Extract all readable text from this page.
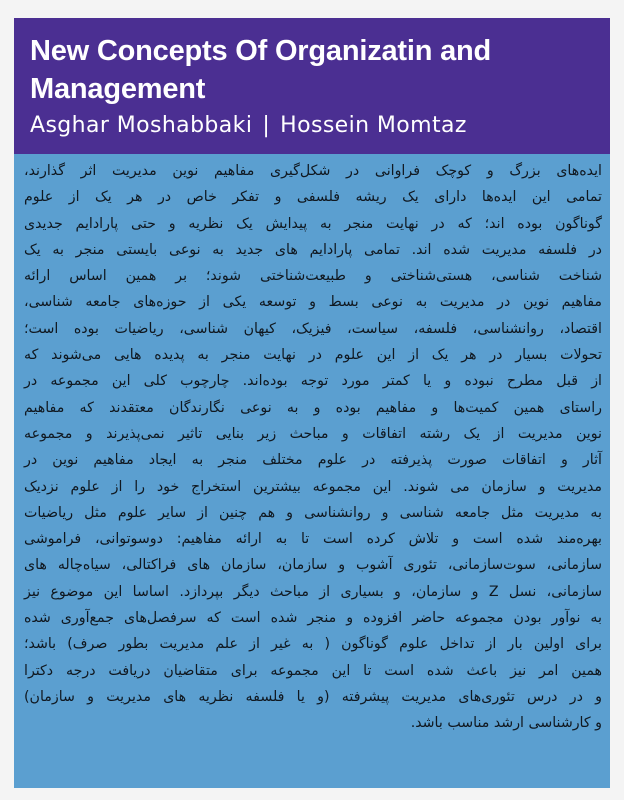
New Concepts Of Organizatin and Management
Asghar Moshabbaki | Hossein Momtaz
ایده‌های بزرگ و کوچک فراوانی در شکل‌گیری مفاهیم نوین مدیریت اثر گذارند،
تمامی این ایده‌ها دارای یک ریشه فلسفی و تفکر خاص در هر یک از علوم
گوناگون بوده اند؛ که در نهایت منجر به پیدایش یک نظریه و حتی پارادایم جدیدی
در فلسفه مدیریت شده اند. تمامی پارادایم های جدید به نوعی بایستی منجر به یک
شناخت شناسی، هستی‌شناختی و طبیعت‌شناختی شوند؛ بر همین اساس ارائه
مفاهیم نوین در مدیریت به نوعی بسط و توسعه یکی از حوزه‌های جامعه شناسی،
اقتصاد، روانشناسی، فلسفه، سیاست، فیزیک، کیهان شناسی، ریاضیات بوده است؛
تحولات بسیار در هر یک از این علوم در نهایت منجر به پدیده هایی می‌شوند که
از قبل مطرح نبوده و یا کمتر مورد توجه بوده‌اند. چارچوب کلی این مجموعه در
راستای همین کمیت‌ها و مفاهیم بوده و به نوعی نگارندگان معتقدند که مفاهیم
نوین مدیریت از یک رشته اتفاقات و مباحث زیر بنایی تاثیر نمی‌پذیرند و مجموعه
آثار و اتفاقات صورت پذیرفته در علوم مختلف منجر به ایجاد مفاهیم نوین در
مدیریت و سازمان می‌ شوند. این مجموعه بیشترین استخراج خود را از علوم نزدیک
به مدیریت مثل جامعه شناسی و روانشناسی و هم چنین از سایر علوم مثل ریاضیات
بهره‌مند شده است و تلاش کرده است تا به ارائه مفاهیم: دوسوتوانی، فراموشی
سازمانی، سوت‌سازمانی، تئوری آشوب و سازمان، سازمان های فراکتالی، سیاه‌چاله های
سازمانی، نسل Z و سازمان، و بسیاری از مباحث دیگر بپردازد. اساسا این موضوع نیز
به نوآور بودن مجموعه حاضر افزوده و منجر شده است که سرفصل‌های جمع‌آوری شده
برای اولین بار از تداخل علوم گوناگون ( به غیر از علم مدیریت بطور صرف) باشد؛
همین امر نیز باعث شده است تا این مجموعه برای متقاضیان دریافت درجه دکترا
و در درس تئوری‌های مدیریت پیشرفته (و یا فلسفه نظریه های مدیریت و سازمان)
و کارشناسی ارشد مناسب باشد.
